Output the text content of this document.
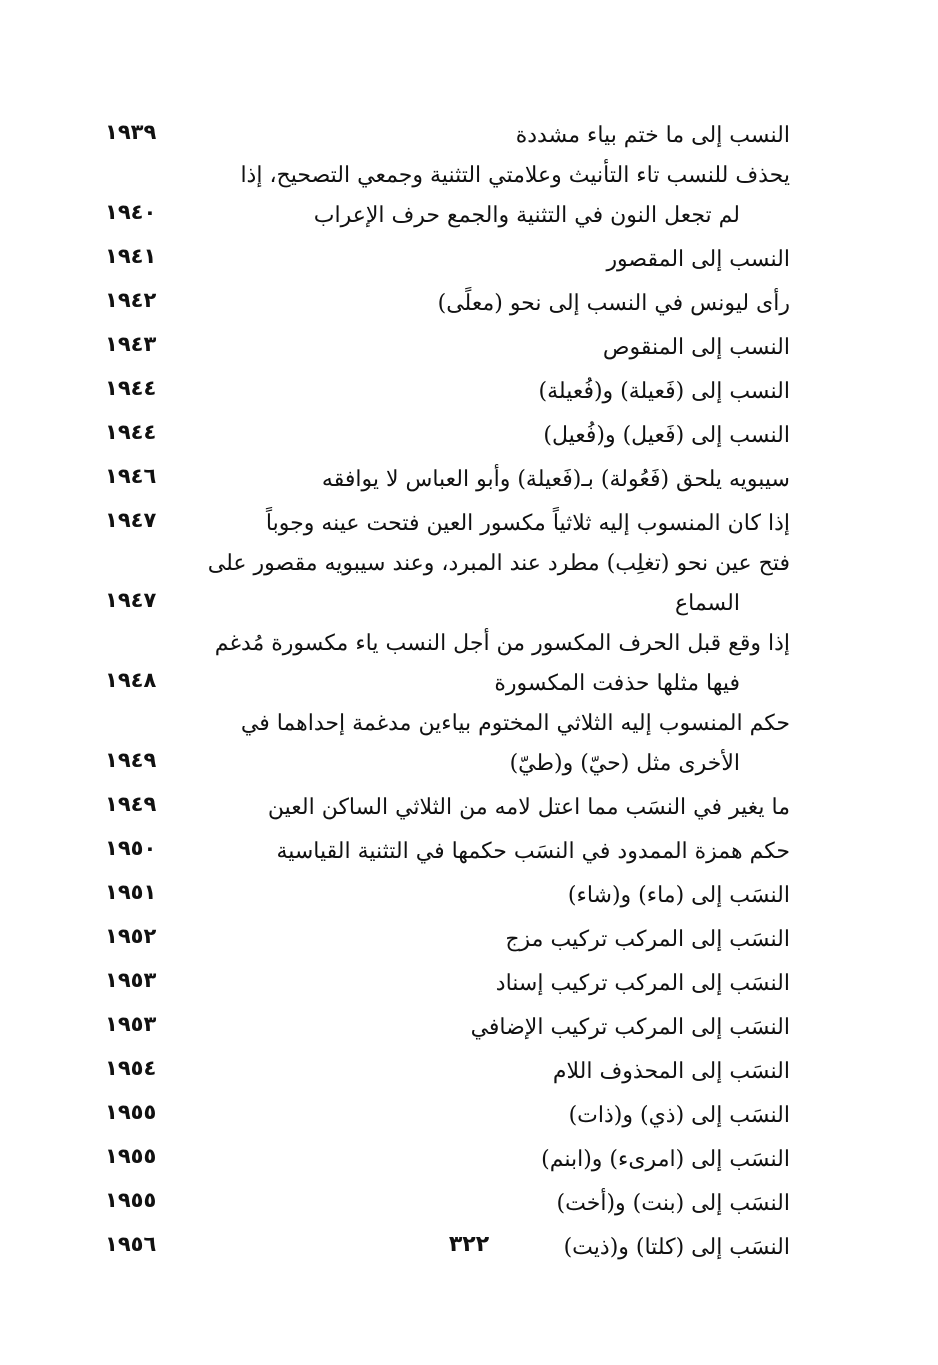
النسب إلى ما ختم بياء مشددة
١٩٣٩
يحذف للنسب تاء التأنيث وعلامتي التثنية وجمعي التصحيح، إذا
لم تجعل النون في التثنية والجمع حرف الإعراب
١٩٤٠
النسب إلى المقصور
١٩٤١
رأى ليونس في النسب إلى نحو (معلًى)
١٩٤٢
النسب إلى المنقوص
١٩٤٣
النسب إلى (فَعيلة) و(فُعيلة)
١٩٤٤
النسب إلى (فَعيل) و(فُعيل)
١٩٤٤
سيبويه يلحق (فَعُولة) بـ(فَعيلة) وأبو العباس لا يوافقه
١٩٤٦
إذا كان المنسوب إليه ثلاثياً مكسور العين فتحت عينه وجوباً
١٩٤٧
فتح عين نحو (تغلِب) مطرد عند المبرد، وعند سيبويه مقصور على
السماع
١٩٤٧
إذا وقع قبل الحرف المكسور من أجل النسب ياء مكسورة مُدغم
فيها مثلها حذفت المكسورة
١٩٤٨
حكم المنسوب إليه الثلاثي المختوم بياءين مدغمة إحداهما في
الأخرى مثل (حيّ) و(طيّ)
١٩٤٩
ما يغير في النسَب مما اعتل لامه من الثلاثي الساكن العين
١٩٤٩
حكم همزة الممدود في النسَب حكمها في التثنية القياسية
١٩٥٠
النسَب إلى (ماء) و(شاء)
١٩٥١
النسَب إلى المركب تركيب مزج
١٩٥٢
النسَب إلى المركب تركيب إسناد
١٩٥٣
النسَب إلى المركب تركيب الإضافي
١٩٥٣
النسَب إلى المحذوف اللام
١٩٥٤
النسَب إلى (ذي) و(ذات)
١٩٥٥
النسَب إلى (امرىء) و(ابنم)
١٩٥٥
النسَب إلى (بنت) و(أخت)
١٩٥٥
النسَب إلى (كلتا) و(ذيت)
١٩٥٦	٣٢٢
